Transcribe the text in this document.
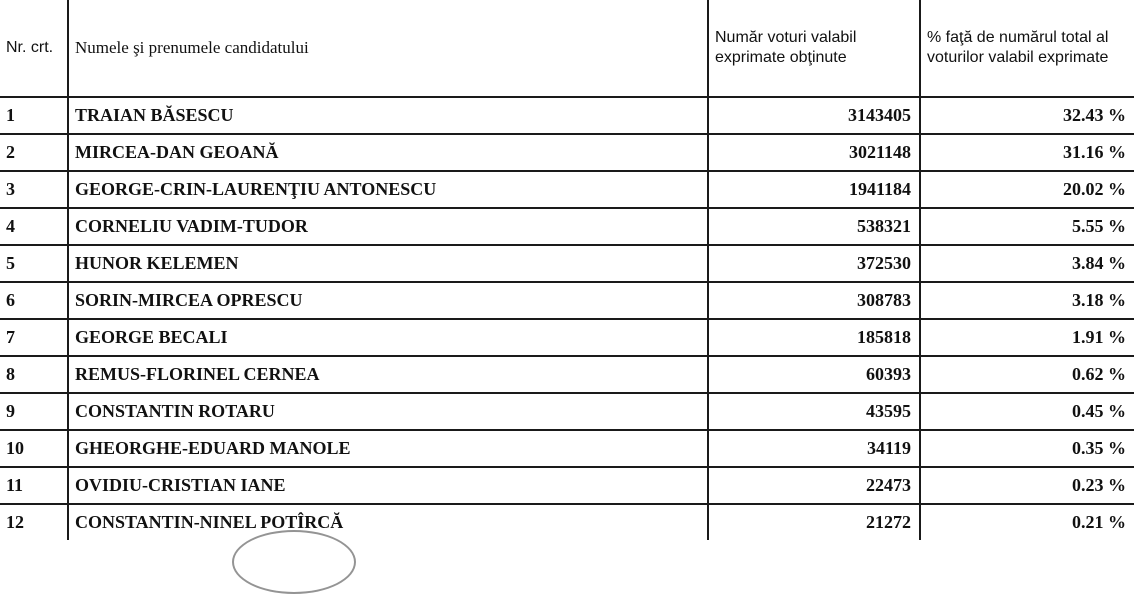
Nr. crt.	Numele şi prenumele candidatului	Număr voturi valabil exprimate obţinute	% faţă de numărul total al voturilor valabil exprimate
1	TRAIAN BĂSESCU	3143405	32.43 %
2	MIRCEA-DAN GEOANĂ	3021148	31.16 %
3	GEORGE-CRIN-LAURENŢIU ANTONESCU	1941184	20.02 %
4	CORNELIU VADIM-TUDOR	538321	5.55 %
5	HUNOR KELEMEN	372530	3.84 %
6	SORIN-MIRCEA OPRESCU	308783	3.18 %
7	GEORGE BECALI	185818	1.91 %
8	REMUS-FLORINEL CERNEA	60393	0.62 %
9	CONSTANTIN ROTARU	43595	0.45 %
10	GHEORGHE-EDUARD MANOLE	34119	0.35 %
11	OVIDIU-CRISTIAN IANE	22473	0.23 %
12	CONSTANTIN-NINEL POTÎRCĂ	21272	0.21 %
